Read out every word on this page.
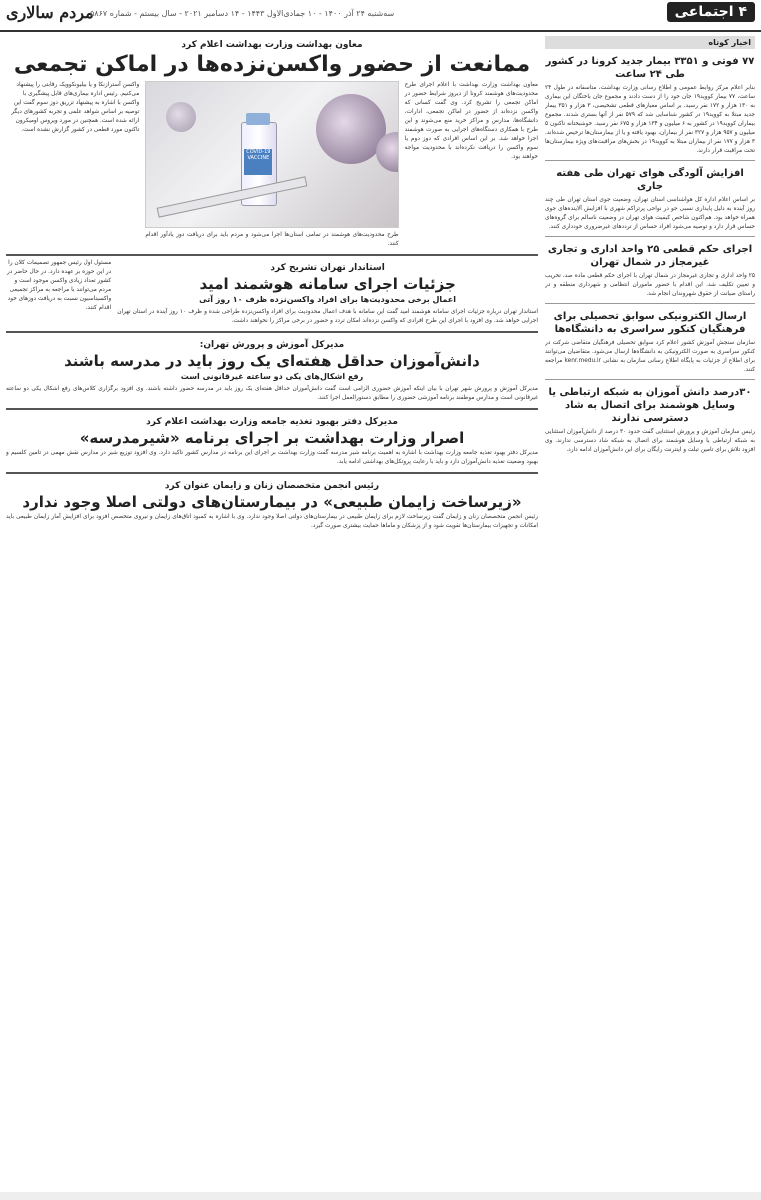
مردم سالاری
سه‌شنبه ۲۴ آذر ۱۴۰۰ - ۱۰ جمادی‌الاول ۱۴۴۳ - ۱۴ دسامبر ۲۰۲۱ - سال بیستم - شماره ۵۸۶۷	۴ اجتماعی
اخبار کوتاه
۷۷ فوتی و ۳۳۵۱ بیمار جدید کرونا در کشور طی ۲۴ ساعت
بنابر اعلام مرکز روابط عمومی و اطلاع رسانی وزارت بهداشت، متاسفانه در طول ۲۴ ساعت، ۷۷ بیمار کووید۱۹ جان خود را از دست دادند و مجموع جان باختگان این بیماری به ۱۳۰ هزار و ۱۷۲ نفر رسید. بر اساس معیارهای قطعی تشخیصی، ۳ هزار و ۳۵۱ بیمار جدید مبتلا به کووید۱۹ در کشور شناسایی شد که ۵۷۹ نفر از آنها بستری شدند. مجموع بیماران کووید۱۹ در کشور به ۶ میلیون و ۱۳۴ هزار و ۶۷۵ نفر رسید. خوشبختانه تاکنون ۵ میلیون و ۹۵۷ هزار و ۳۲۷ نفر از بیماران، بهبود یافته و یا از بیمارستان‌ها ترخیص شده‌اند. ۳ هزار و ۱۷۷ نفر از بیماران مبتلا به کووید۱۹ در بخش‌های مراقبت‌های ویژه بیمارستان‌ها تحت مراقبت قرار دارند.
افزایش آلودگی هوای تهران طی هفته جاری
بر اساس اعلام اداره کل هواشناسی استان تهران، وضعیت جوی استان تهران طی چند روز آینده به دلیل پایداری نسبی جو در نواحی پرتراکم شهری با افزایش آلاینده‌های جوی همراه خواهد بود. هم‌اکنون شاخص کیفیت هوای تهران در وضعیت ناسالم برای گروه‌های حساس قرار دارد و توصیه می‌شود افراد حساس از ترددهای غیرضروری خودداری کنند.
اجرای حکم قطعی ۲۵ واحد اداری و تجاری غیرمجاز در شمال تهران
۲۵ واحد اداری و تجاری غیرمجاز در شمال تهران با اجرای حکم قطعی ماده صد، تخریب و تعیین تکلیف شد. این اقدام با حضور ماموران انتظامی و شهرداری منطقه و در راستای صیانت از حقوق شهروندان انجام شد.
ارسال الکترونیکی سوابق تحصیلی برای فرهنگیان کنکور سراسری به دانشگاه‌ها
سازمان سنجش آموزش کشور اعلام کرد سوابق تحصیلی فرهنگیان متقاضی شرکت در کنکور سراسری به صورت الکترونیکی به دانشگاه‌ها ارسال می‌شود. متقاضیان می‌توانند برای اطلاع از جزئیات به پایگاه اطلاع رسانی سازمان به نشانی kenr.medu.ir مراجعه کنند.
۳۰درصد دانش آموزان به شبکه ارتباطی یا وسایل هوشمند برای اتصال به شاد دسترسی ندارند
رئیس سازمان آموزش و پرورش استثنایی گفت حدود ۳۰ درصد از دانش‌آموزان استثنایی به شبکه ارتباطی یا وسایل هوشمند برای اتصال به شبکه شاد دسترسی ندارند. وی افزود تلاش برای تامین تبلت و اینترنت رایگان برای این دانش‌آموزان ادامه دارد.
معاون بهداشت وزارت بهداشت اعلام کرد
ممانعت از حضور واکسن‌نزده‌ها در اماکن تجمعی
معاون بهداشت وزارت بهداشت با اعلام اجرای طرح محدودیت‌های هوشمند کرونا از دیروز شرایط حضور در اماکن تجمعی را تشریح کرد. وی گفت کسانی که واکسن نزده‌اند از حضور در اماکن تجمعی، ادارات، دانشگاه‌ها، مدارس و مراکز خرید منع می‌شوند و این طرح با همکاری دستگاه‌های اجرایی به صورت هوشمند اجرا خواهد شد. بر این اساس افرادی که دوز دوم یا سوم واکسن را دریافت نکرده‌اند با محدودیت مواجه خواهند بود.
COVID-19 VACCINE
طرح محدودیت‌های هوشمند در تمامی استان‌ها اجرا می‌شود و مردم باید برای دریافت دوز یادآور اقدام کنند.
واکسن آسترازنکا و یا بیلیونکوویک رقابتی را پیشنهاد می‌کنیم. رئیس اداره بیماری‌های قابل پیشگیری با واکسن با اشاره به پیشنهاد تزریق دوز سوم گفت این توصیه بر اساس شواهد علمی و تجربه کشورهای دیگر ارائه شده است. همچنین در مورد ویروس اومیکرون تاکنون مورد قطعی در کشور گزارش نشده است.
استاندار تهران تشریح کرد
جزئیات اجرای سامانه هوشمند امید
اعمال برخی محدودیت‌ها برای افراد واکسن‌نزده ظرف ۱۰ روز آتی
استاندار تهران درباره جزئیات اجرای سامانه هوشمند امید گفت این سامانه با هدف اعمال محدودیت برای افراد واکسن‌نزده طراحی شده و ظرف ۱۰ روز آینده در استان تهران اجرایی خواهد شد. وی افزود با اجرای این طرح افرادی که واکسن نزده‌اند امکان تردد و حضور در برخی مراکز را نخواهند داشت.
مسئول اول رئیس جمهور تصمیمات کلان را در این حوزه بر عهده دارد. در حال حاضر در کشور تعداد زیادی واکسن موجود است و مردم می‌توانند با مراجعه به مراکز تجمیعی واکسیناسیون نسبت به دریافت دوزهای خود اقدام کنند.
مدیرکل آموزش و پرورش تهران:
دانش‌آموزان حداقل هفته‌ای یک روز باید در مدرسه باشند
رفع اشکال‌های یکی دو ساعته غیرقانونی است
مدیرکل آموزش و پرورش شهر تهران با بیان اینکه آموزش حضوری الزامی است گفت دانش‌آموزان حداقل هفته‌ای یک روز باید در مدرسه حضور داشته باشند. وی افزود برگزاری کلاس‌های رفع اشکال یکی دو ساعته غیرقانونی است و مدارس موظفند برنامه آموزشی حضوری را مطابق دستورالعمل اجرا کنند.
مدیرکل دفتر بهبود تغذیه جامعه وزارت بهداشت اعلام کرد
اصرار وزارت بهداشت بر اجرای برنامه «شیرمدرسه»
مدیرکل دفتر بهبود تغذیه جامعه وزارت بهداشت با اشاره به اهمیت برنامه شیر مدرسه گفت وزارت بهداشت بر اجرای این برنامه در مدارس کشور تاکید دارد. وی افزود توزیع شیر در مدارس نقش مهمی در تامین کلسیم و بهبود وضعیت تغذیه دانش‌آموزان دارد و باید با رعایت پروتکل‌های بهداشتی ادامه یابد.
رئیس انجمن متخصصان زنان و زایمان عنوان کرد
«زیرساخت زایمان طبیعی» در بیمارستان‌های دولتی اصلا وجود ندارد
رئیس انجمن متخصصان زنان و زایمان گفت زیرساخت لازم برای زایمان طبیعی در بیمارستان‌های دولتی اصلا وجود ندارد. وی با اشاره به کمبود اتاق‌های زایمان و نیروی متخصص افزود برای افزایش آمار زایمان طبیعی باید امکانات و تجهیزات بیمارستان‌ها تقویت شود و از پزشکان و ماماها حمایت بیشتری صورت گیرد.
